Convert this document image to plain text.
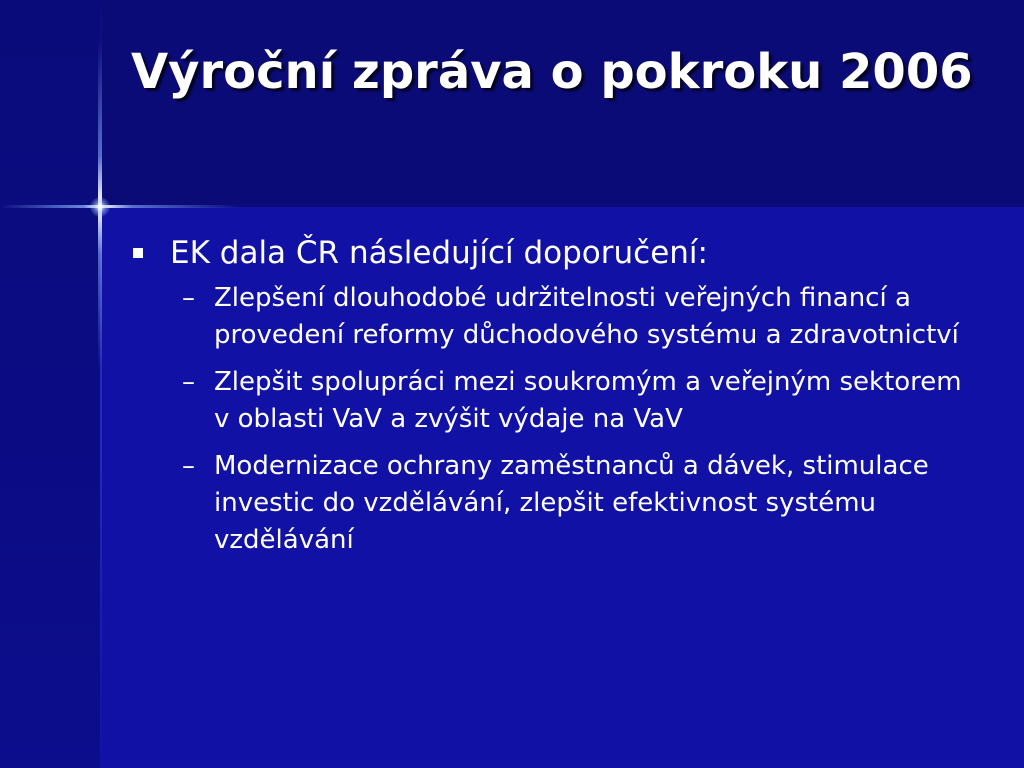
Výroční zpráva o pokroku 2006
EK dala ČR následující doporučení:
– Zlepšení dlouhodobé udržitelnosti veřejných financí a provedení reformy důchodového systému a zdravotnictví
– Zlepšit spolupráci mezi soukromým a veřejným sektorem v oblasti VaV a zvýšit výdaje na VaV
– Modernizace ochrany zaměstnanců a dávek, stimulace investic do vzdělávání, zlepšit efektivnost systému vzdělávání
